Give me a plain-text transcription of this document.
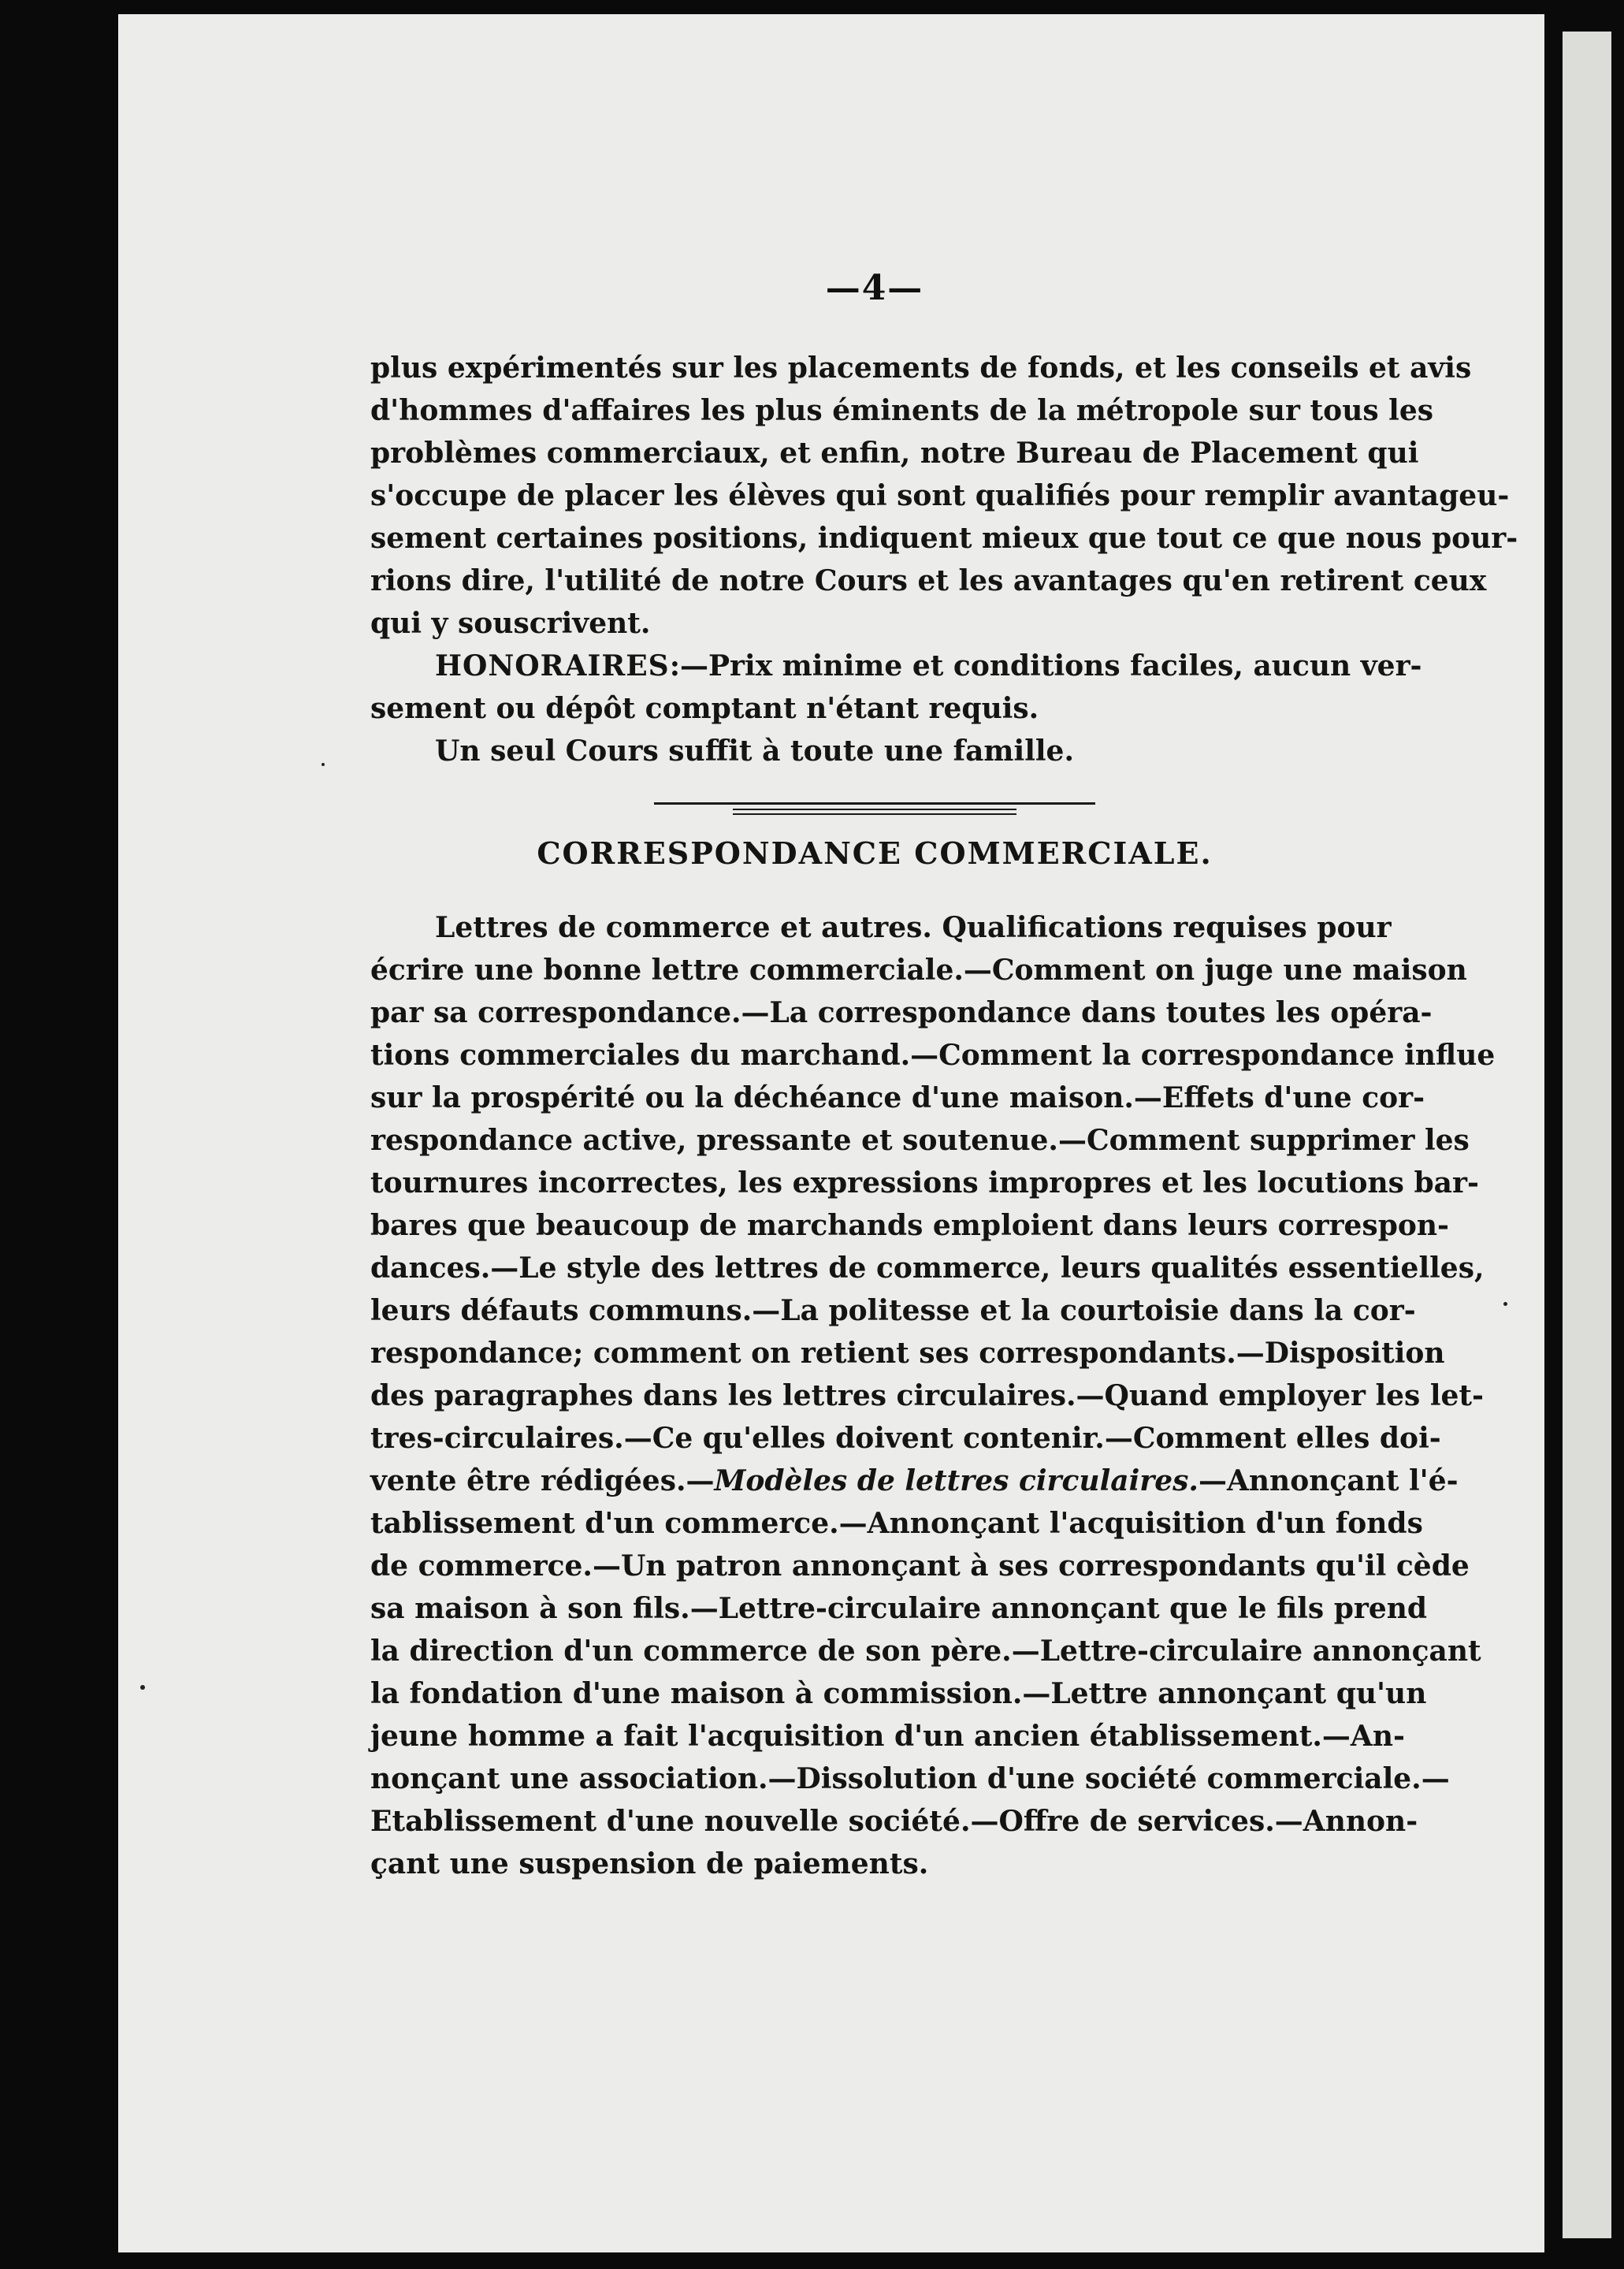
—4—
plus expérimentés sur les placements de fonds, et les conseils et avis
d'hommes d'affaires les plus éminents de la métropole sur tous les
problèmes commerciaux, et enfin, notre Bureau de Placement qui
s'occupe de placer les élèves qui sont qualifiés pour remplir avantageu-
sement certaines positions, indiquent mieux que tout ce que nous pour-
rions dire, l'utilité de notre Cours et les avantages qu'en retirent ceux
qui y souscrivent.
HONORAIRES:—Prix minime et conditions faciles, aucun ver-
sement ou dépôt comptant n'étant requis.
Un seul Cours suffit à toute une famille.
CORRESPONDANCE COMMERCIALE.
Lettres de commerce et autres. Qualifications requises pour
écrire une bonne lettre commerciale.—Comment on juge une maison
par sa correspondance.—La correspondance dans toutes les opéra-
tions commerciales du marchand.—Comment la correspondance influe
sur la prospérité ou la déchéance d'une maison.—Effets d'une cor-
respondance active, pressante et soutenue.—Comment supprimer les
tournures incorrectes, les expressions impropres et les locutions bar-
bares que beaucoup de marchands emploient dans leurs correspon-
dances.—Le style des lettres de commerce, leurs qualités essentielles,
leurs défauts communs.—La politesse et la courtoisie dans la cor-
respondance; comment on retient ses correspondants.—Disposition
des paragraphes dans les lettres circulaires.—Quand employer les let-
tres-circulaires.—Ce qu'elles doivent contenir.—Comment elles doi-
vente être rédigées.—Modèles de lettres circulaires.—Annonçant l'é-
tablissement d'un commerce.—Annonçant l'acquisition d'un fonds
de commerce.—Un patron annonçant à ses correspondants qu'il cède
sa maison à son fils.—Lettre-circulaire annonçant que le fils prend
la direction d'un commerce de son père.—Lettre-circulaire annonçant
la fondation d'une maison à commission.—Lettre annonçant qu'un
jeune homme a fait l'acquisition d'un ancien établissement.—An-
nonçant une association.—Dissolution d'une société commerciale.—
Etablissement d'une nouvelle société.—Offre de services.—Annon-
çant une suspension de paiements.
